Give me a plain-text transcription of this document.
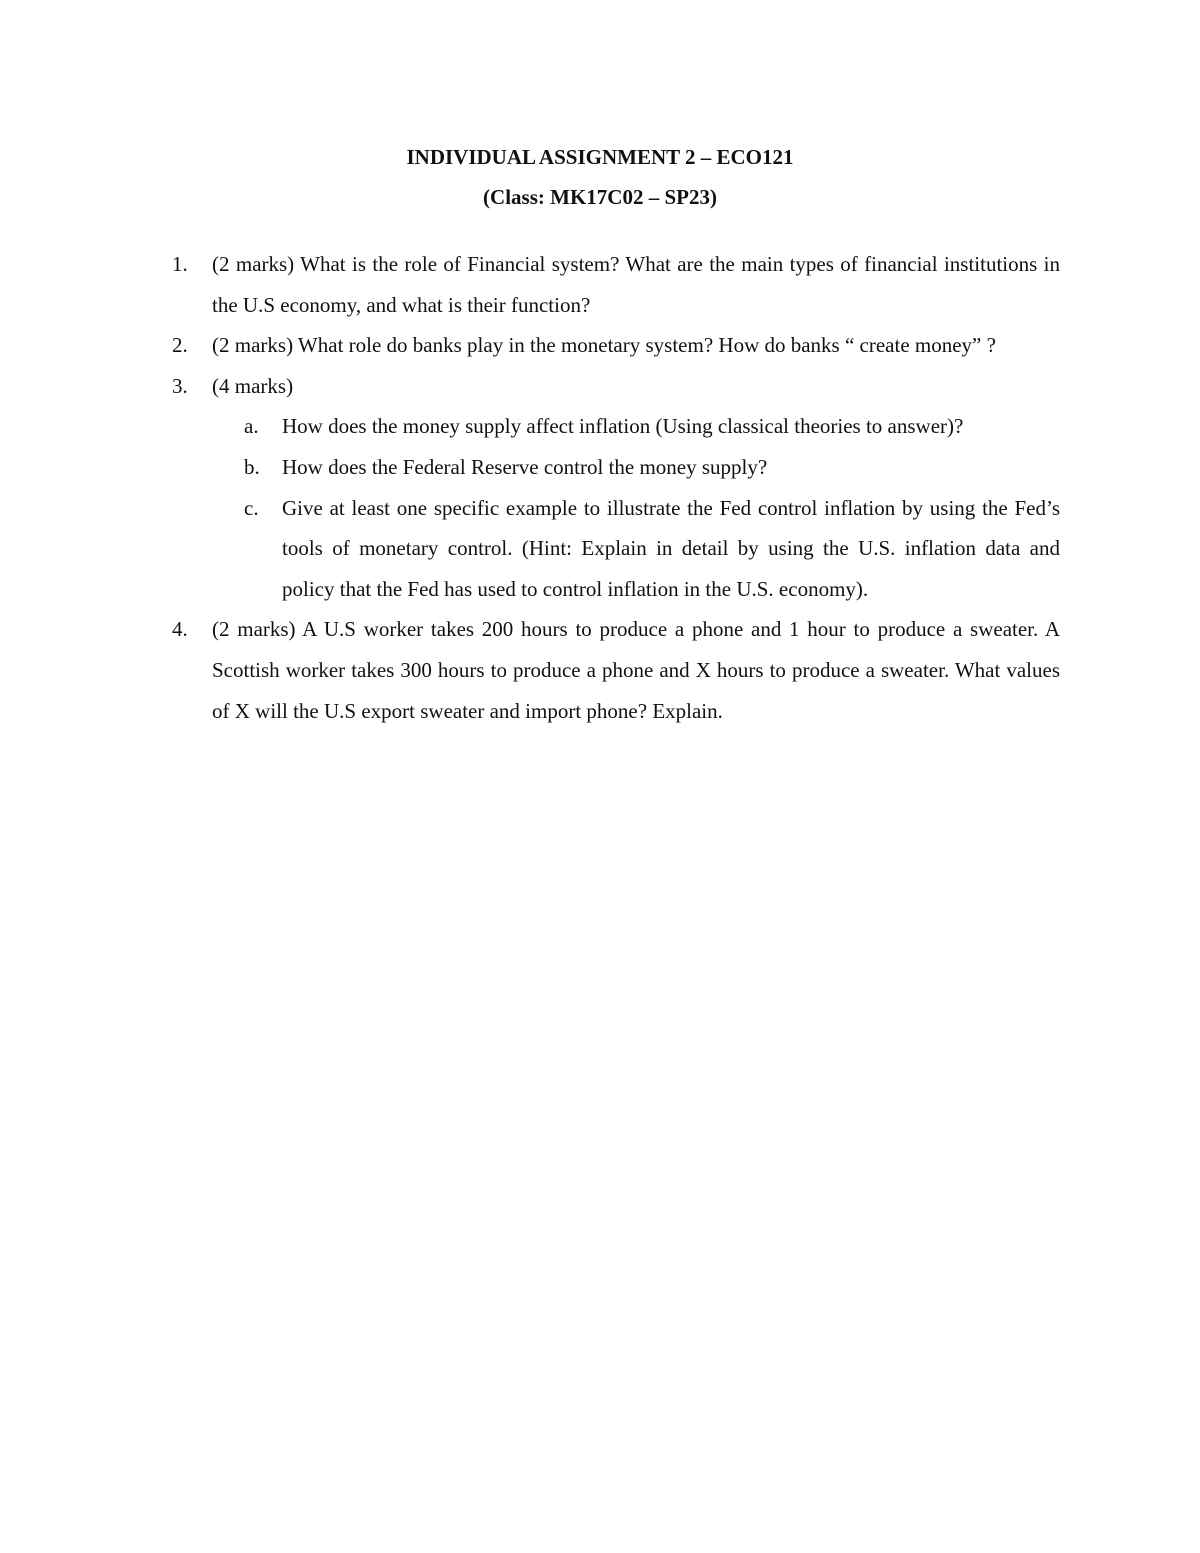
INDIVIDUAL ASSIGNMENT 2 – ECO121
(Class: MK17C02 – SP23)
1.	(2 marks) What is the role of Financial system? What are the main types of financial institutions in the U.S economy, and what is their function?
2.	(2 marks) What role do banks play in the monetary system? How do banks “ create money” ?
3.	(4 marks)
a.	How does the money supply affect inflation (Using classical theories to answer)?
b.	How does the Federal Reserve control the money supply?
c.	Give at least one specific example to illustrate the Fed control inflation by using the Fed’s tools of monetary control. (Hint: Explain in detail by using the U.S. inflation data and policy that the Fed has used to control inflation in the U.S. economy).
4.	(2 marks) A U.S worker takes 200 hours to produce a phone and 1 hour to produce a sweater. A Scottish worker takes 300 hours to produce a phone and X hours to produce a sweater. What values of X will the U.S export sweater and import phone? Explain.
